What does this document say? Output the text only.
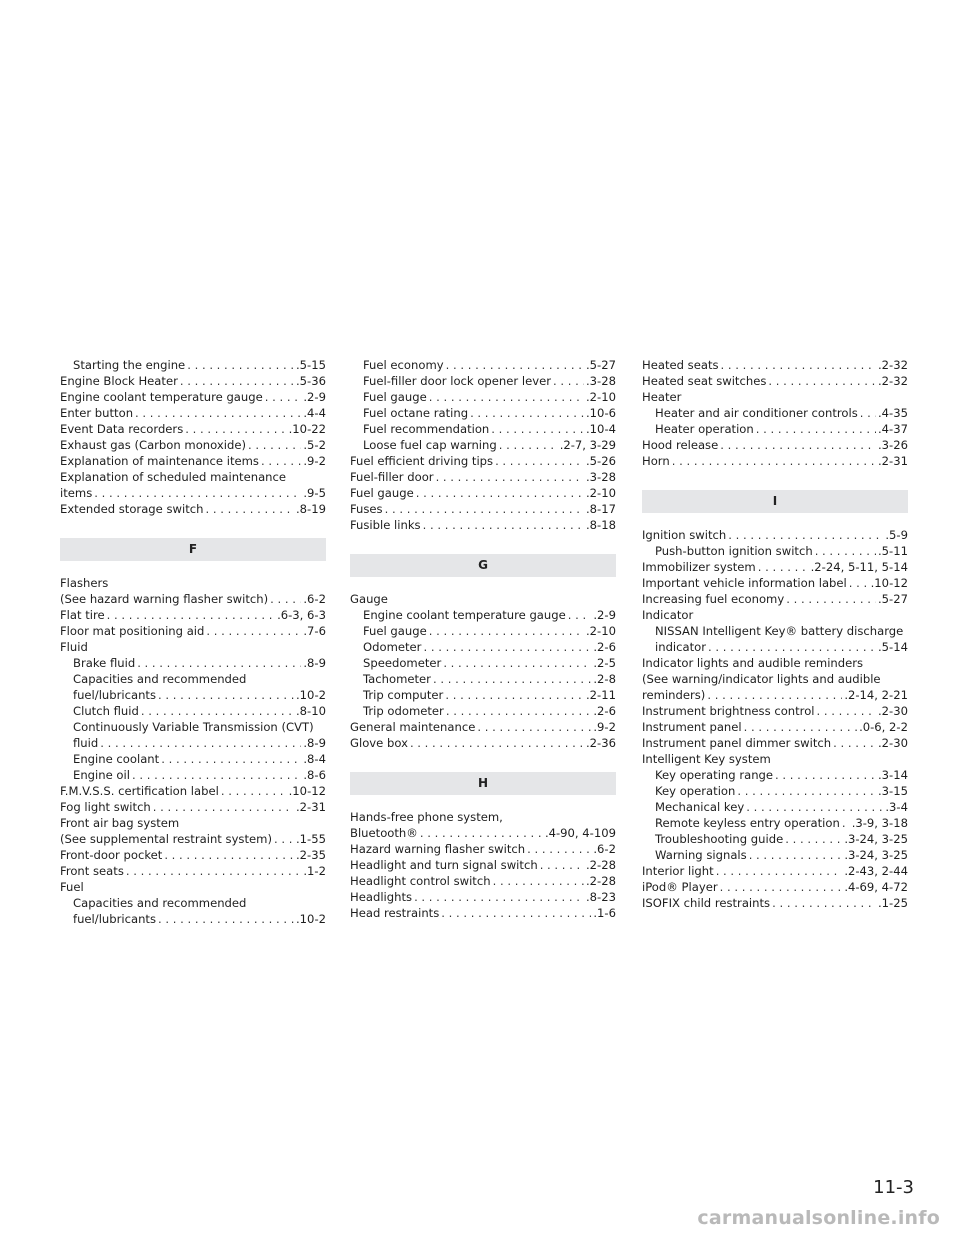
Starting the engine . . .	.5-15
Engine Block Heater . . .	.5-36
Engine coolant temperature gauge . . .	.2-9
Enter button . . .	.4-4
Event Data recorders . . .	.10-22
Exhaust gas (Carbon monoxide) . . .	.5-2
Explanation of maintenance items . . .	.9-2
Explanation of scheduled maintenance
items . . .	.9-5
Extended storage switch . . .	.8-19
F
Flashers
(See hazard warning flasher switch) . . .	.6-2
Flat tire . . .	.6-3, 6-3
Floor mat positioning aid . . .	.7-6
Fluid
Brake fluid . . .	.8-9
Capacities and recommended
fuel/lubricants . . .	.10-2
Clutch fluid . . .	.8-10
Continuously Variable Transmission (CVT)
fluid . . .	.8-9
Engine coolant . . .	.8-4
Engine oil . . .	.8-6
F.M.V.S.S. certification label . . .	.10-12
Fog light switch . . .	.2-31
Front air bag system
(See supplemental restraint system) . . . .1-55
Front-door pocket . . .	.2-35
Front seats . . .	.1-2
Fuel
Capacities and recommended
fuel/lubricants . . .	.10-2
Fuel economy . . .	.5-27
Fuel-filler door lock opener lever . . .	.3-28
Fuel gauge . . .	.2-10
Fuel octane rating . . .	.10-6
Fuel recommendation . . .	.10-4
Loose fuel cap warning . . .	.2-7, 3-29
Fuel efficient driving tips . . .	.5-26
Fuel-filler door . . .	.3-28
Fuel gauge . . .	.2-10
Fuses . . .	.8-17
Fusible links . . .	.8-18
G
Gauge
Engine coolant temperature gauge . . . .2-9
Fuel gauge . . .	.2-10
Odometer . . .	.2-6
Speedometer . . .	.2-5
Tachometer . . .	.2-8
Trip computer . . .	.2-11
Trip odometer . . .	.2-6
General maintenance . . .	.9-2
Glove box . . .	.2-36
H
Hands-free phone system,
Bluetooth® . . .	.4-90, 4-109
Hazard warning flasher switch . . .	.6-2
Headlight and turn signal switch . . .	.2-28
Headlight control switch . . .	.2-28
Headlights . . .	.8-23
Head restraints . . .	.1-6
Heated seats . . .	.2-32
Heated seat switches . . .	.2-32
Heater
Heater and air conditioner controls . . . .4-35
Heater operation . . .	.4-37
Hood release . . .	.3-26
Horn . . .	.2-31
I
Ignition switch . . .	.5-9
Push-button ignition switch . . .	.5-11
Immobilizer system . . .	.2-24, 5-11, 5-14
Important vehicle information label . . . .10-12
Increasing fuel economy . . .	.5-27
Indicator
NISSAN Intelligent Key® battery discharge
indicator . . .	.5-14
Indicator lights and audible reminders
(See warning/indicator lights and audible
reminders) . . .	.2-14, 2-21
Instrument brightness control . . .	.2-30
Instrument panel . . .	.0-6, 2-2
Instrument panel dimmer switch . . .	.2-30
Intelligent Key system
Key operating range . . .	.3-14
Key operation . . .	.3-15
Mechanical key . . .	.3-4
Remote keyless entry operation . . . .3-9, 3-18
Troubleshooting guide . . .	.3-24, 3-25
Warning signals . . .	.3-24, 3-25
Interior light . . .	.2-43, 2-44
iPod® Player . . .	.4-69, 4-72
ISOFIX child restraints . . .	.1-25
11-3
carmanualsonline.info
